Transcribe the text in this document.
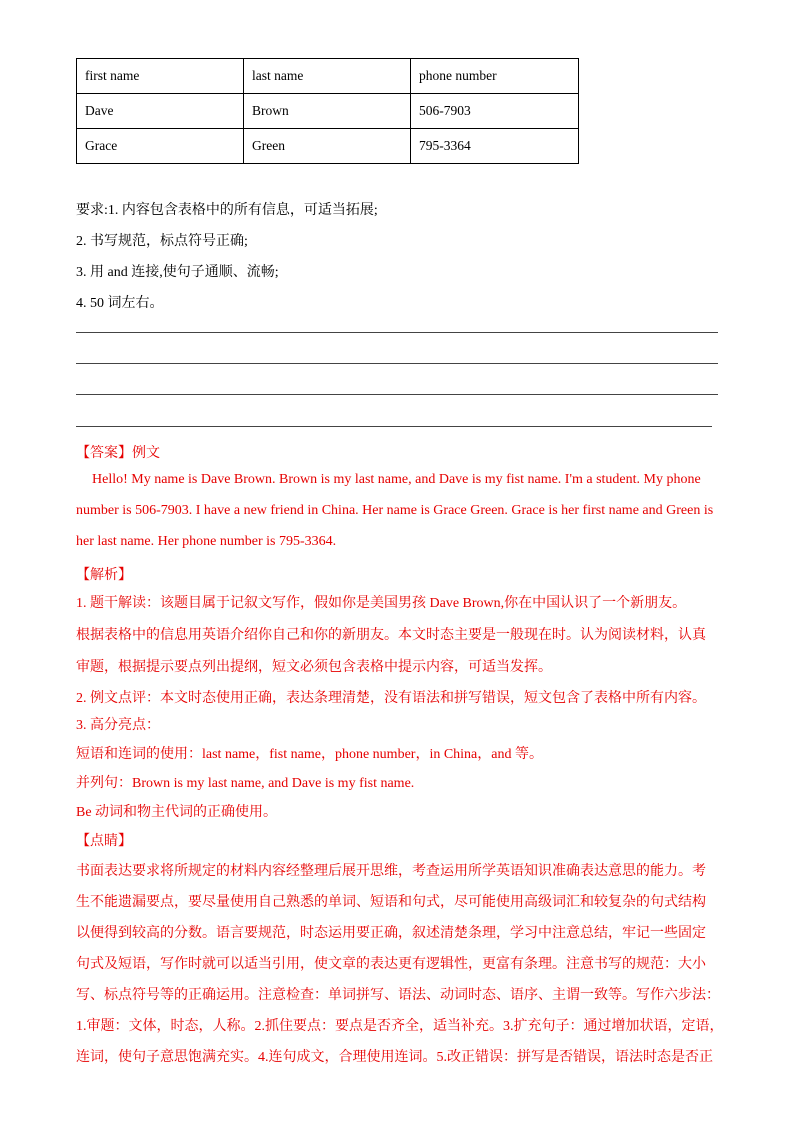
first name	last name	phone number
Dave	Brown	506-7903
Grace	Green	795-3364
要求:1. 内容包含表格中的所有信息，可适当拓展;
2. 书写规范，标点符号正确;
3. 用 and 连接,使句子通顺、流畅;
4. 50 词左右。
【答案】例文
Hello! My name is Dave Brown. Brown is my last name, and Dave is my fist name. I'm a student. My phone
number is 506-7903. I have a new friend in China. Her name is Grace Green. Grace is her first name and Green is
her last name. Her phone number is 795-3364.
【解析】
1. 题干解读：该题目属于记叙文写作，假如你是美国男孩 Dave Brown,你在中国认识了一个新朋友。
根据表格中的信息用英语介绍你自己和你的新朋友。本文时态主要是一般现在时。认为阅读材料，认真
审题，根据提示要点列出提纲，短文必须包含表格中提示内容，可适当发挥。
2. 例文点评：本文时态使用正确，表达条理清楚，没有语法和拼写错误，短文包含了表格中所有内容。
3. 高分亮点：
短语和连词的使用：last name，fist name，phone number，in China，and 等。
并列句：Brown is my last name, and Dave is my fist name.
Be 动词和物主代词的正确使用。
【点睛】
书面表达要求将所规定的材料内容经整理后展开思维，考查运用所学英语知识准确表达意思的能力。考
生不能遗漏要点，要尽量使用自己熟悉的单词、短语和句式，尽可能使用高级词汇和较复杂的句式结构
以便得到较高的分数。语言要规范，时态运用要正确，叙述清楚条理，学习中注意总结，牢记一些固定
句式及短语，写作时就可以适当引用，使文章的表达更有逻辑性，更富有条理。注意书写的规范：大小
写、标点符号等的正确运用。注意检查：单词拼写、语法、动词时态、语序、主谓一致等。写作六步法：
1.审题：文体，时态，人称。2.抓住要点：要点是否齐全，适当补充。3.扩充句子：通过增加状语，定语，
连词，使句子意思饱满充实。4.连句成文，合理使用连词。5.改正错误：拼写是否错误，语法时态是否正
